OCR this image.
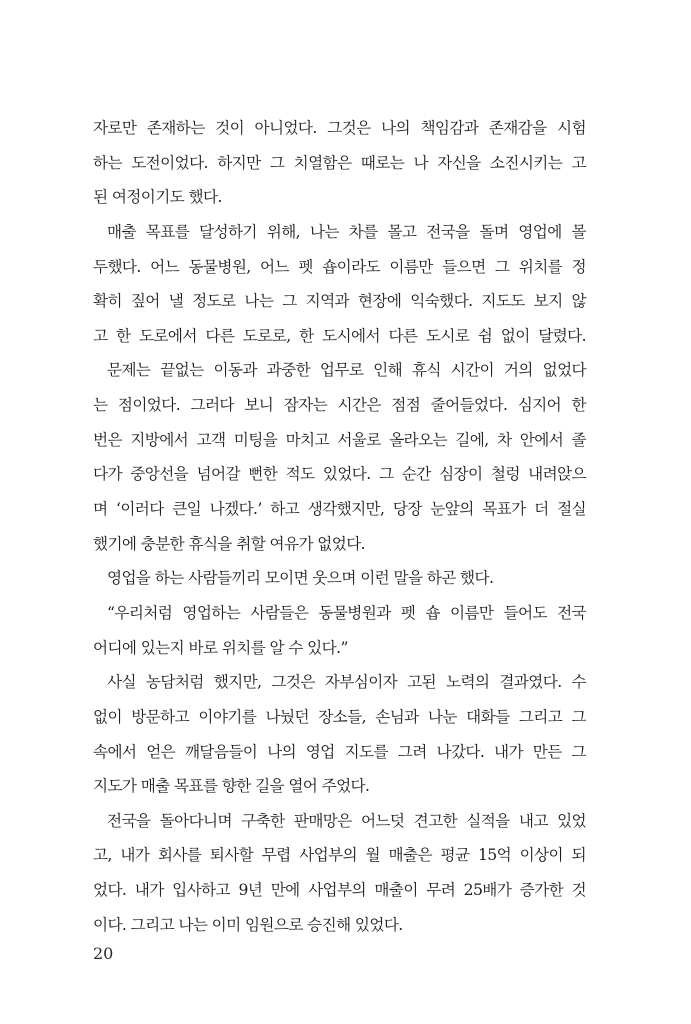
자로만 존재하는 것이 아니었다. 그것은 나의 책임감과 존재감을 시험
하는 도전이었다. 하지만 그 치열함은 때로는 나 자신을 소진시키는 고
된 여정이기도 했다.
매출 목표를 달성하기 위해, 나는 차를 몰고 전국을 돌며 영업에 몰
두했다. 어느 동물병원, 어느 펫 숍이라도 이름만 들으면 그 위치를 정
확히 짚어 낼 정도로 나는 그 지역과 현장에 익숙했다. 지도도 보지 않
고 한 도로에서 다른 도로로, 한 도시에서 다른 도시로 쉼 없이 달렸다.
문제는 끝없는 이동과 과중한 업무로 인해 휴식 시간이 거의 없었다
는 점이었다. 그러다 보니 잠자는 시간은 점점 줄어들었다. 심지어 한
번은 지방에서 고객 미팅을 마치고 서울로 올라오는 길에, 차 안에서 졸
다가 중앙선을 넘어갈 뻔한 적도 있었다. 그 순간 심장이 철렁 내려앉으
며 ‘이러다 큰일 나겠다.’ 하고 생각했지만, 당장 눈앞의 목표가 더 절실
했기에 충분한 휴식을 취할 여유가 없었다.
영업을 하는 사람들끼리 모이면 웃으며 이런 말을 하곤 했다.
“우리처럼 영업하는 사람들은 동물병원과 펫 숍 이름만 들어도 전국
어디에 있는지 바로 위치를 알 수 있다.”
사실 농담처럼 했지만, 그것은 자부심이자 고된 노력의 결과였다. 수
없이 방문하고 이야기를 나눴던 장소들, 손님과 나눈 대화들 그리고 그
속에서 얻은 깨달음들이 나의 영업 지도를 그려 나갔다. 내가 만든 그
지도가 매출 목표를 향한 길을 열어 주었다.
전국을 돌아다니며 구축한 판매망은 어느덧 견고한 실적을 내고 있었
고, 내가 회사를 퇴사할 무렵 사업부의 월 매출은 평균 15억 이상이 되
었다. 내가 입사하고 9년 만에 사업부의 매출이 무려 25배가 증가한 것
이다. 그리고 나는 이미 임원으로 승진해 있었다.
20
